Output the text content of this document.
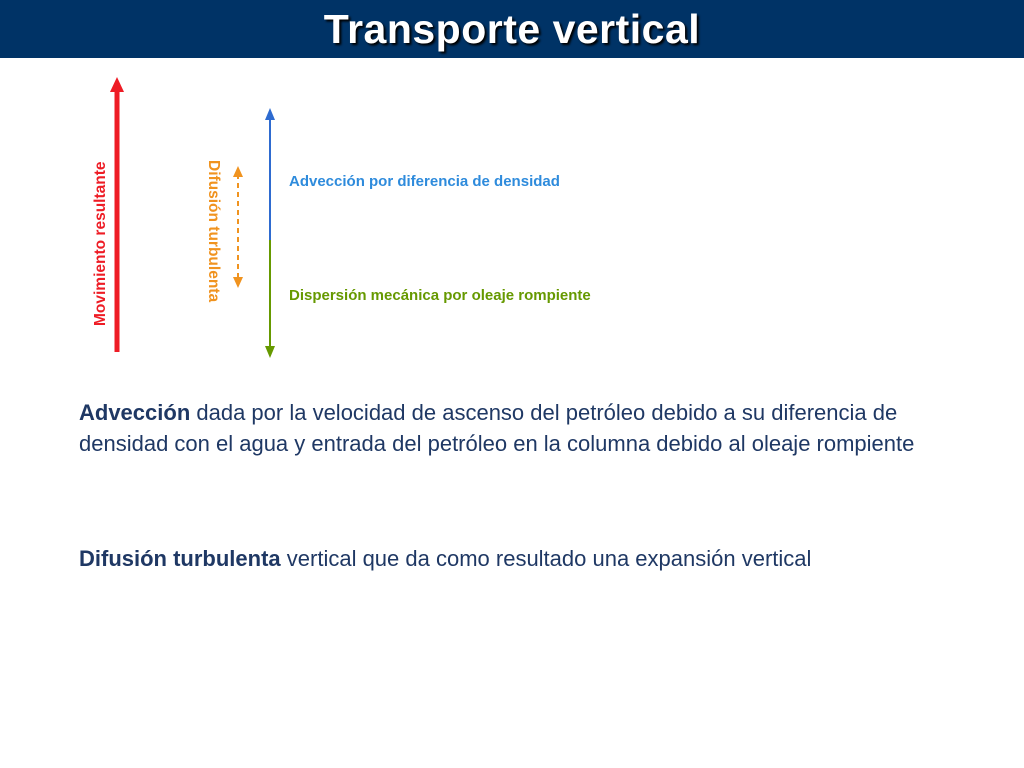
Transporte vertical
Movimiento resultante	Difusión turbulenta	Advección por diferencia de densidad
Dispersión mecánica por oleaje rompiente

Advección dada por la velocidad de ascenso del petróleo debido a su diferencia de densidad con el agua y entrada del petróleo en la columna debido al oleaje rompiente

Difusión turbulenta vertical que da como resultado una expansión vertical
